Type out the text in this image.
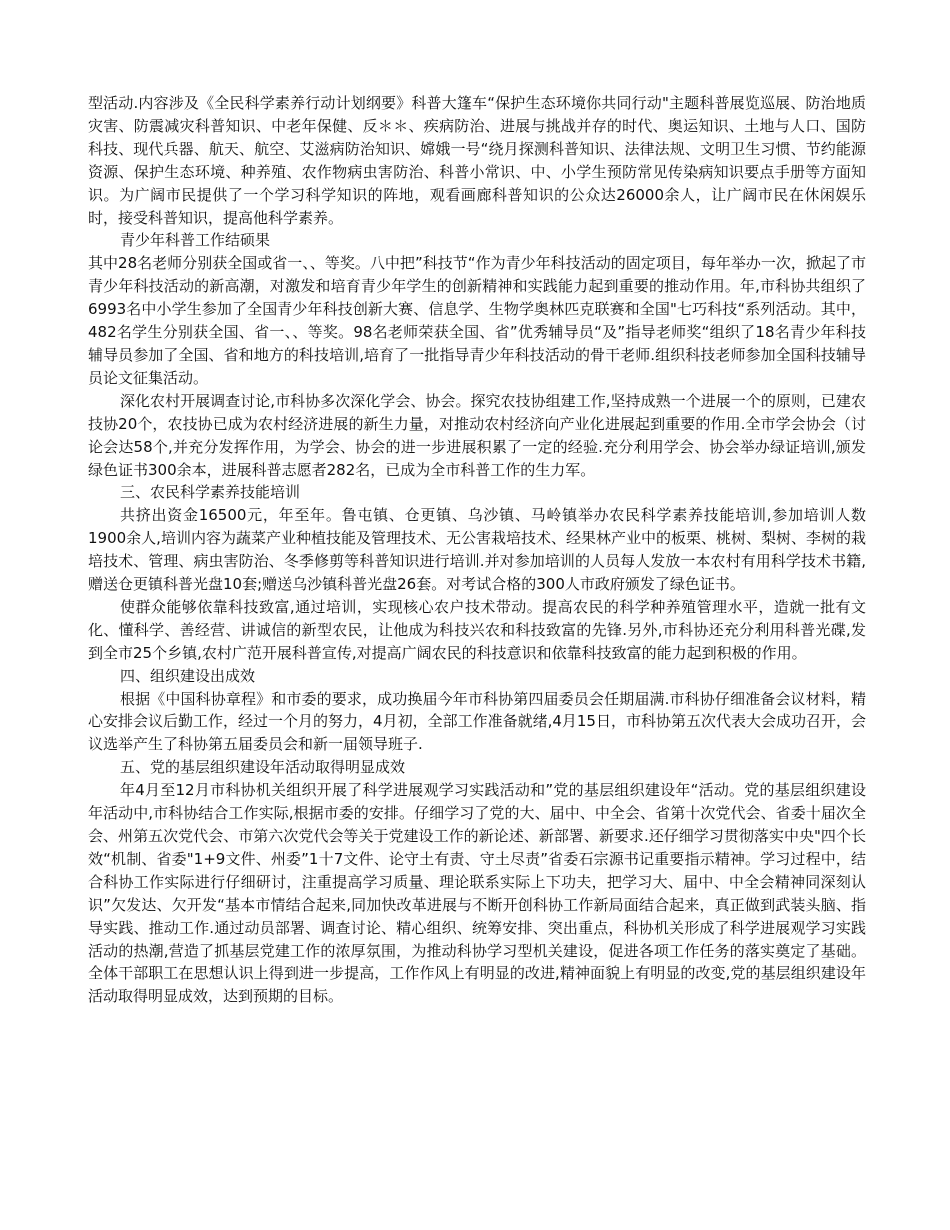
型活动.内容涉及《全民科学素养行动计划纲要》科普大篷车“保护生态环境你共同行动"主题科普展览巡展、防治地质灾害、防震减灾科普知识、中老年保健、反＊＊、疾病防治、进展与挑战并存的时代、奥运知识、土地与人口、国防科技、现代兵器、航天、航空、艾滋病防治知识、嫦娥一号“绕月探测科普知识、法律法规、文明卫生习惯、节约能源资源、保护生态环境、种养殖、农作物病虫害防治、科普小常识、中、小学生预防常见传染病知识要点手册等方面知识。为广阔市民提供了一个学习科学知识的阵地，观看画廊科普知识的公众达26000余人，让广阔市民在休闲娱乐时，接受科普知识，提高他科学素养。

青少年科普工作结硕果

其中28名老师分别获全国或省一、、等奖。八中把”科技节“作为青少年科技活动的固定项目，每年举办一次，掀起了市青少年科技活动的新高潮，对激发和培育青少年学生的创新精神和实践能力起到重要的推动作用。年,市科协共组织了6993名中小学生参加了全国青少年科技创新大赛、信息学、生物学奥林匹克联赛和全国"七巧科技“系列活动。其中，482名学生分别获全国、省一、、等奖。98名老师荣获全国、省”优秀辅导员“及”指导老师奖“组织了18名青少年科技辅导员参加了全国、省和地方的科技培训,培育了一批指导青少年科技活动的骨干老师.组织科技老师参加全国科技辅导员论文征集活动。

深化农村开展调查讨论,市科协多次深化学会、协会。探究农技协组建工作,坚持成熟一个进展一个的原则，已建农技协20个，农技协已成为农村经济进展的新生力量，对推动农村经济向产业化进展起到重要的作用.全市学会协会（讨论会达58个,并充分发挥作用，为学会、协会的进一步进展积累了一定的经验.充分利用学会、协会举办绿证培训,颁发绿色证书300余本，进展科普志愿者282名，已成为全市科普工作的生力军。

三、农民科学素养技能培训

共挤出资金16500元，年至年。鲁屯镇、仓更镇、乌沙镇、马岭镇举办农民科学素养技能培训,参加培训人数1900余人,培训内容为蔬菜产业种植技能及管理技术、无公害栽培技术、经果林产业中的板栗、桃树、梨树、李树的栽培技术、管理、病虫害防治、冬季修剪等科普知识进行培训.并对参加培训的人员每人发放一本农村有用科学技术书籍,赠送仓更镇科普光盘10套;赠送乌沙镇科普光盘26套。对考试合格的300人市政府颁发了绿色证书。

使群众能够依靠科技致富,通过培训，实现核心农户技术带动。提高农民的科学种养殖管理水平，造就一批有文化、懂科学、善经营、讲诚信的新型农民，让他成为科技兴农和科技致富的先锋.另外,市科协还充分利用科普光碟,发到全市25个乡镇,农村广范开展科普宣传,对提高广阔农民的科技意识和依靠科技致富的能力起到积极的作用。

四、组织建设出成效

根据《中国科协章程》和市委的要求，成功换届今年市科协第四届委员会任期届满.市科协仔细准备会议材料，精心安排会议后勤工作，经过一个月的努力，4月初，全部工作准备就绪,4月15日，市科协第五次代表大会成功召开，会议选举产生了科协第五届委员会和新一届领导班子.

五、党的基层组织建设年活动取得明显成效

年4月至12月市科协机关组织开展了科学进展观学习实践活动和”党的基层组织建设年“活动。党的基层组织建设年活动中,市科协结合工作实际,根据市委的安排。仔细学习了党的大、届中、中全会、省第十次党代会、省委十届次全会、州第五次党代会、市第六次党代会等关于党建设工作的新论述、新部署、新要求.还仔细学习贯彻落实中央"四个长效“机制、省委"1+9文件、州委”1十7文件、论守土有责、守土尽责”省委石宗源书记重要指示精神。学习过程中，结合科协工作实际进行仔细研讨，注重提高学习质量、理论联系实际上下功夫，把学习大、届中、中全会精神同深刻认识”欠发达、欠开发“基本市情结合起来,同加快改革进展与不断开创科协工作新局面结合起来，真正做到武装头脑、指导实践、推动工作.通过动员部署、调查讨论、精心组织、统筹安排、突出重点，科协机关形成了科学进展观学习实践活动的热潮,营造了抓基层党建工作的浓厚氛围，为推动科协学习型机关建设，促进各项工作任务的落实奠定了基础。全体干部职工在思想认识上得到进一步提高，工作作风上有明显的改进,精神面貌上有明显的改变,党的基层组织建设年活动取得明显成效，达到预期的目标。
